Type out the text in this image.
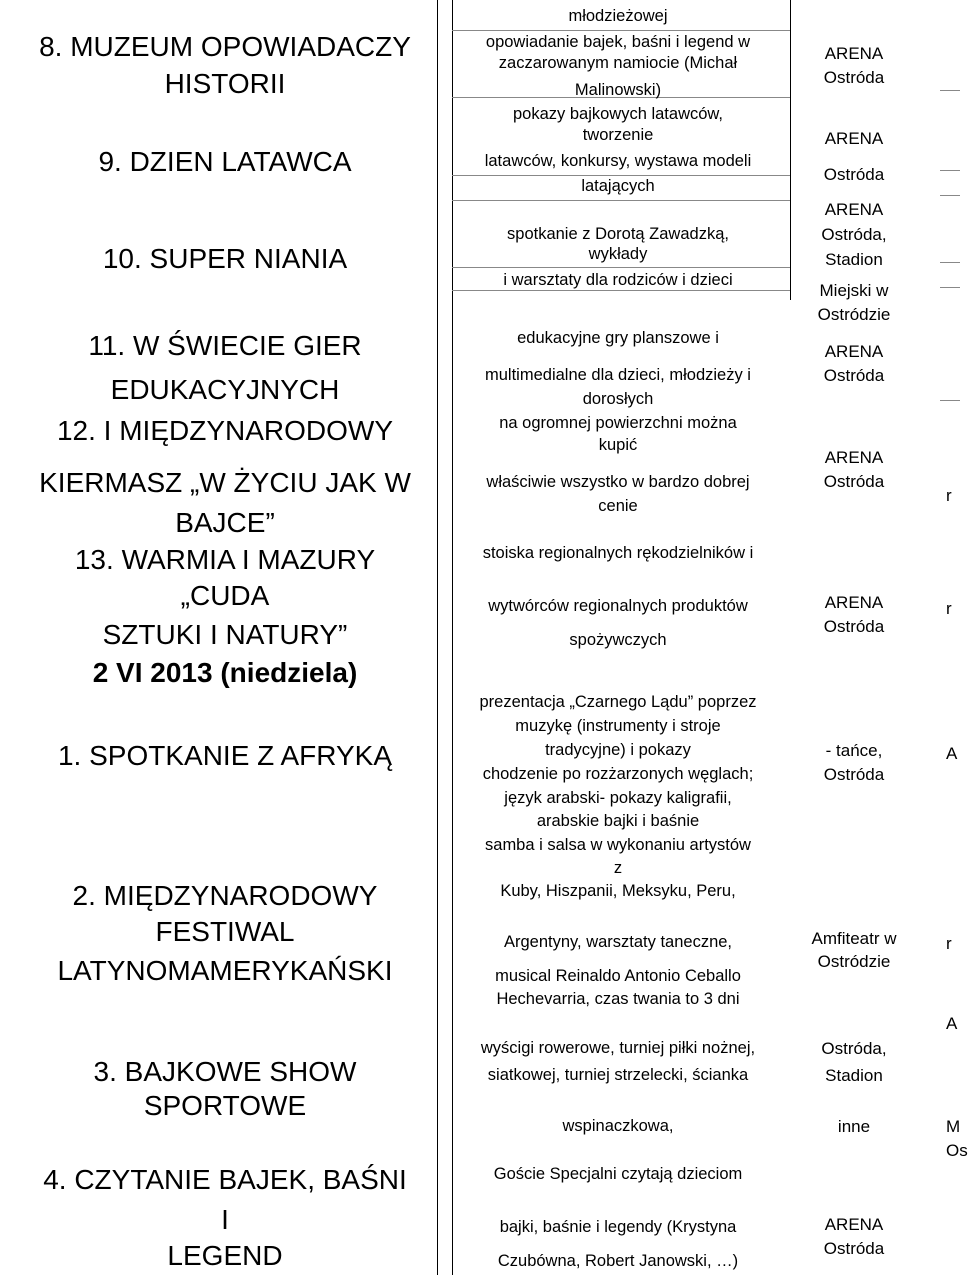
8. MUZEUM OPOWIADACZY
HISTORII
9. DZIEN LATAWCA
10. SUPER NIANIA
11. W ŚWIECIE GIER
EDUKACYJNYCH
12. I MIĘDZYNARODOWY
KIERMASZ „W ŻYCIU JAK W
BAJCE”
13. WARMIA I MAZURY
„CUDA
SZTUKI I NATURY”
2 VI 2013 (niedziela)
1. SPOTKANIE Z AFRYKĄ
2. MIĘDZYNARODOWY
FESTIWAL
LATYNOMAMERYKAŃSKI
3. BAJKOWE SHOW
SPORTOWE
4. CZYTANIE BAJEK, BAŚNI
I
LEGEND
młodzieżowej
opowiadanie bajek, baśni i legend w
zaczarowanym namiocie (Michał
Malinowski)
pokazy bajkowych latawców,
tworzenie
latawców, konkursy, wystawa modeli
latających
spotkanie z Dorotą Zawadzką,
wykłady
i warsztaty dla rodziców i dzieci
edukacyjne gry planszowe i
multimedialne dla dzieci, młodzieży i
dorosłych
na ogromnej powierzchni można
kupić
właściwie wszystko w bardzo dobrej
cenie
stoiska regionalnych rękodzielników i
wytwórców regionalnych produktów
spożywczych
prezentacja „Czarnego Lądu” poprzez
muzykę (instrumenty i stroje
tradycyjne) i pokazy
chodzenie po rozżarzonych węglach;
język arabski- pokazy kaligrafii,
arabskie bajki i baśnie
samba i salsa w wykonaniu artystów
z
Kuby, Hiszpanii, Meksyku, Peru,
Argentyny, warsztaty taneczne,
musical Reinaldo Antonio Ceballo
Hechevarria, czas twania to 3 dni
wyścigi rowerowe, turniej piłki nożnej,
siatkowej, turniej strzelecki, ścianka
wspinaczkowa,
Goście Specjalni czytają dzieciom
bajki, baśnie i legendy (Krystyna
Czubówna, Robert Janowski, …)
ARENA
Ostróda
ARENA
Ostróda
ARENA
Ostróda,
Stadion
Miejski w
Ostródzie
ARENA
Ostróda
ARENA
Ostróda
ARENA
Ostróda
- tańce,
Ostróda
Amfiteatr w
Ostródzie
Ostróda,
Stadion
inne
ARENA
Ostróda
r
r
A
r
A
M
Os
